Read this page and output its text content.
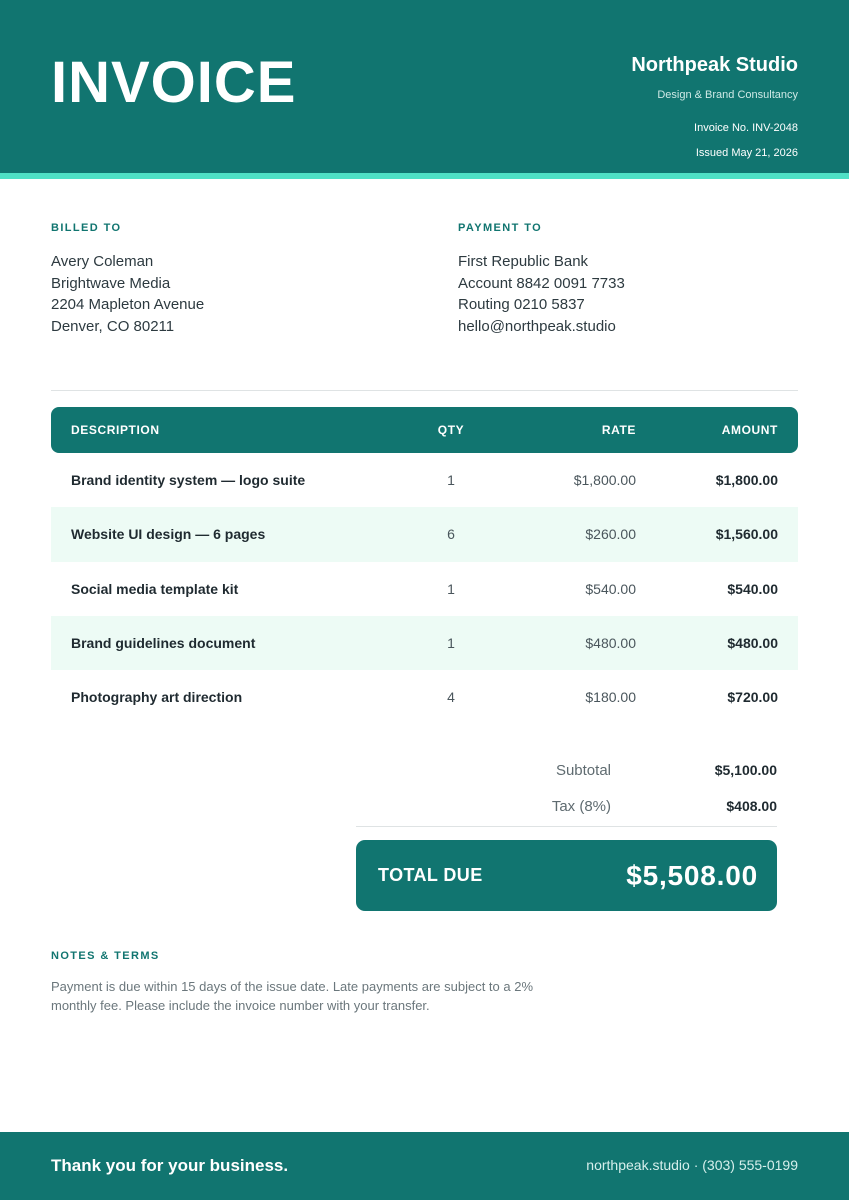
INVOICE	Northpeak Studio
Design & Brand Consultancy
Invoice No. INV-2048
Issued May 21, 2026
BILLED TO
Avery Coleman
Brightwave Media
2204 Mapleton Avenue
Denver, CO 80211
PAYMENT TO
First Republic Bank
Account 8842 0091 7733
Routing 0210 5837
hello@northpeak.studio
DESCRIPTION	QTY	RATE	AMOUNT
Brand identity system — logo suite	1	$1,800.00	$1,800.00
Website UI design — 6 pages	6	$260.00	$1,560.00
Social media template kit	1	$540.00	$540.00
Brand guidelines document	1	$480.00	$480.00
Photography art direction	4	$180.00	$720.00
Subtotal	$5,100.00
Tax (8%)	$408.00
TOTAL DUE	$5,508.00
NOTES & TERMS
Payment is due within 15 days of the issue date. Late payments are subject to a 2% monthly fee. Please include the invoice number with your transfer.
Thank you for your business.	northpeak.studio · (303) 555-0199
